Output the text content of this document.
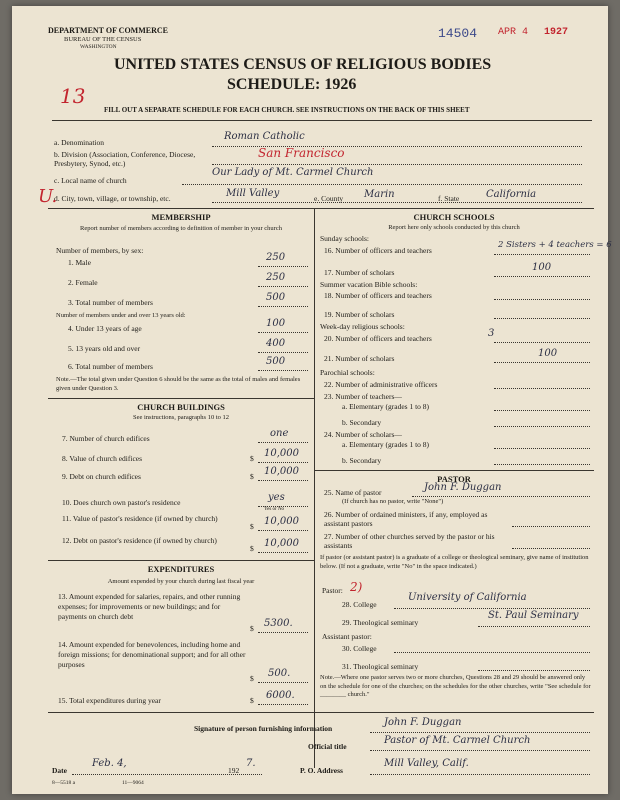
DEPARTMENT OF COMMERCE
BUREAU OF THE CENSUS
WASHINGTON
14504 APR 4 1927
UNITED STATES CENSUS OF RELIGIOUS BODIES
SCHEDULE: 1926
13
FILL OUT A SEPARATE SCHEDULE FOR EACH CHURCH. SEE INSTRUCTIONS ON THE BACK OF THIS SHEET
a. Denomination
Roman Catholic
b. Division (Association, Conference, Diocese, Presbytery, Synod, etc.)
San Francisco
c. Local name of church
Our Lady of Mt. Carmel Church
d. City, town, village, or township, etc.	Mill Valley
U.	e. County Marin	f. State	California
MEMBERSHIP
Report number of members according to definition of member in your church
Number of members, by sex:
1. Male	250
2. Female	250
3. Total number of members	500
Number of members under and over 13 years old:
4. Under 13 years of age	100
5. 13 years old and over	400
6. Total number of members	500
Note.—The total given under Question 6 should be the same as the total of males and females given under Question 3.
CHURCH BUILDINGS
See instructions, paragraphs 10 to 12
7. Number of church edifices	one
8. Value of church edifices	$ 10,000
9. Debt on church edifices	$ 10,000
10. Does church own pastor's residence	yes
Yes or No
11. Value of pastor's residence (if owned by church)
$ 10,000
12. Debt on pastor's residence (if owned by church)
$ 10,000
EXPENDITURES
Amount expended by your church during last fiscal year
13. Amount expended for salaries, repairs, and other running expenses; for improvements or new buildings; and for payments on church debt
$ 5300.
14. Amount expended for benevolences, including home and foreign missions; for denominational support; and for all other purposes
$ 500.
15. Total expenditures during year	$ 6000.
CHURCH SCHOOLS
Report here only schools conducted by this church
Sunday schools:
16. Number of officers and teachers
2 Sisters + 4 teachers = 6
17. Number of scholars	100
Summer vacation Bible schools:
18. Number of officers and teachers
19. Number of scholars
Week-day religious schools:
20. Number of officers and teachers	3
21. Number of scholars	100
Parochial schools:
22. Number of administrative officers
23. Number of teachers—
a. Elementary (grades 1 to 8)
b. Secondary
24. Number of scholars—
a. Elementary (grades 1 to 8)
b. Secondary
PASTOR
25. Name of pastor	John F. Duggan
(If church has no pastor, write "None")
26. Number of ordained ministers, if any, employed as assistant pastors
27. Number of other churches served by the pastor or his assistants
If pastor (or assistant pastor) is a graduate of a college or theological seminary, give name of institution below. (If not a graduate, write "No" in the space indicated.)
Pastor: 2)
28. College
University of California
29. Theological seminary
St. Paul Seminary
Assistant pastor:
30. College
31. Theological seminary
Note.—Where one pastor serves two or more churches, Questions 28 and 29 should be answered only on the schedule for one of the churches; on the schedules for the other churches, write "See schedule for ________ church."
Signature of person furnishing information
John F. Duggan
Official title
Pastor of Mt. Carmel Church
Date
Feb. 4,
192
7.
P. O. Address
Mill Valley, Calif.
8—5518 a	11—9064
